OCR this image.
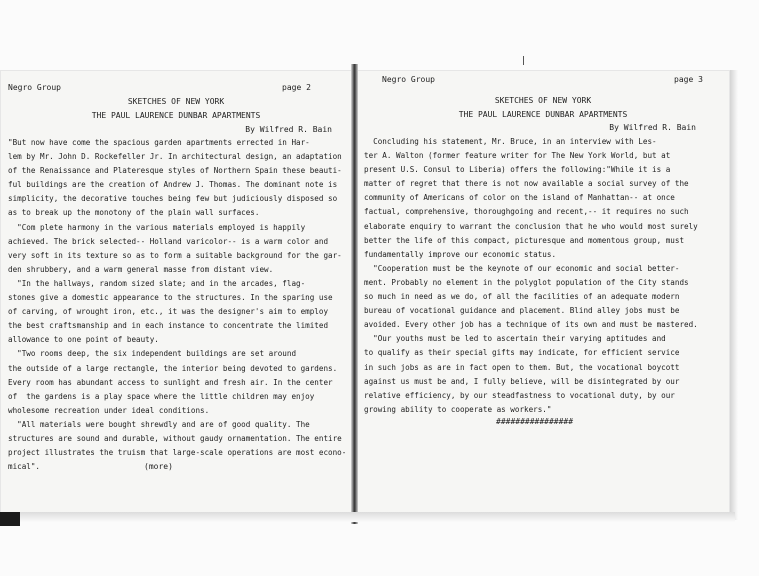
Negro Group	page 2
SKETCHES OF NEW YORK
THE PAUL LAURENCE DUNBAR APARTMENTS
By Wilfred R. Bain
"But now have come the spacious garden apartments errected in Har-
lem by Mr. John D. Rockefeller Jr. In architectural design, an adaptation
of the Renaissance and Plateresque styles of Northern Spain these beauti-
ful buildings are the creation of Andrew J. Thomas. The dominant note is
simplicity, the decorative touches being few but judiciously disposed so
as to break up the monotony of the plain wall surfaces.
"Com plete harmony in the various materials employed is happily
achieved. The brick selected-- Holland varicolor-- is a warm color and
very soft in its texture so as to form a suitable background for the gar-
den shrubbery, and a warm general masse from distant view.
"In the hallways, random sized slate; and in the arcades, flag-
stones give a domestic appearance to the structures. In the sparing use
of carving, of wrought iron, etc., it was the designer's aim to employ
the best craftsmanship and in each instance to concentrate the limited
allowance to one point of beauty.
"Two rooms deep, the six independent buildings are set around
the outside of a large rectangle, the interior being devoted to gardens.
Every room has abundant access to sunlight and fresh air. In the center
of  the gardens is a play space where the little children may enjoy
wholesome recreation under ideal conditions.
"All materials were bought shrewdly and are of good quality. The
structures are sound and durable, without gaudy ornamentation. The entire
project illustrates the truism that large-scale operations are most econo-
mical".	(more)
Negro Group	page 3
SKETCHES OF NEW YORK
THE PAUL LAURENCE DUNBAR APARTMENTS
By Wilfred R. Bain
Concluding his statement, Mr. Bruce, in an interview with Les-
ter A. Walton (former feature writer for The New York World, but at
present U.S. Consul to Liberia) offers the following:"While it is a
matter of regret that there is not now available a social survey of the
community of Americans of color on the island of Manhattan-- at once
factual, comprehensive, thoroughgoing and recent,-- it requires no such
elaborate enquiry to warrant the conclusion that he who would most surely
better the life of this compact, picturesque and momentous group, must
fundamentally improve our economic status.
"Cooperation must be the keynote of our economic and social better-
ment. Probably no element in the polyglot population of the City stands
so much in need as we do, of all the facilities of an adequate modern
bureau of vocational guidance and placement. Blind alley jobs must be
avoided. Every other job has a technique of its own and must be mastered.
"Our youths must be led to ascertain their varying aptitudes and
to qualify as their special gifts may indicate, for efficient service
in such jobs as are in fact open to them. But, the vocational boycott
against us must be and, I fully believe, will be disintegrated by our
relative efficiency, by our steadfastness to vocational duty, by our
growing ability to cooperate as workers."
################
